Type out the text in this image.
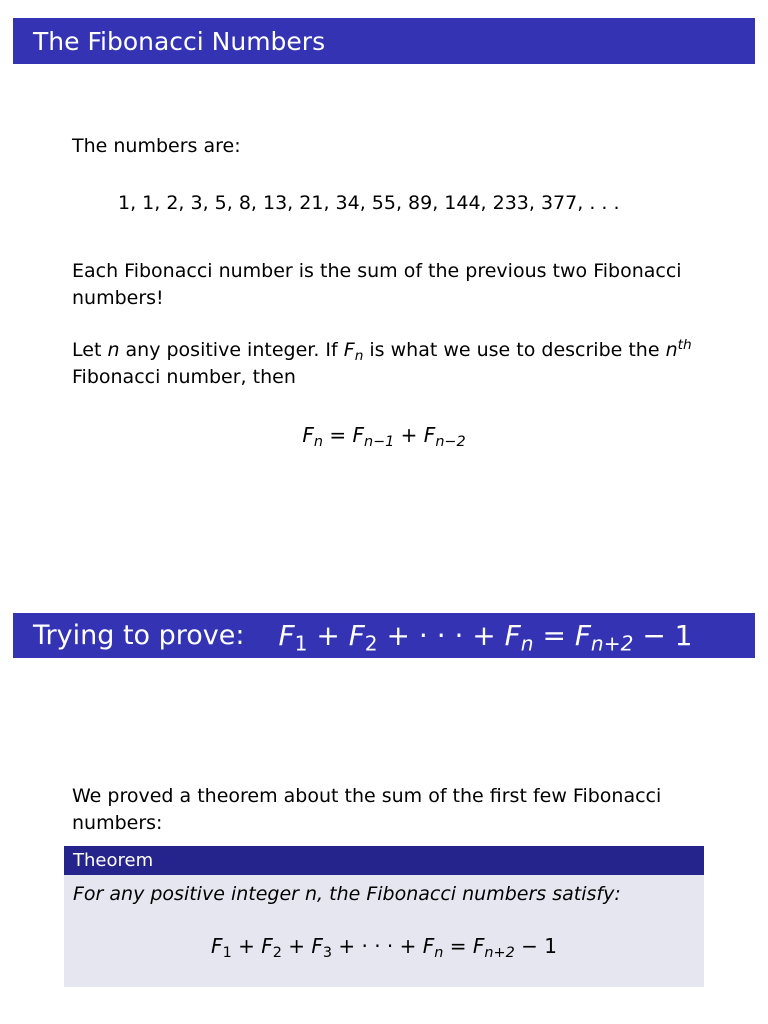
The Fibonacci Numbers
The numbers are:
1, 1, 2, 3, 5, 8, 13, 21, 34, 55, 89, 144, 233, 377, . . .
Each Fibonacci number is the sum of the previous two Fibonacci numbers!
Let n any positive integer. If $F_n$ is what we use to describe the $n^{th}$ Fibonacci number, then
$F_n = F_{n-1} + F_{n-2}$
Trying to prove: $F_1 + F_2$ + · · · + $F_n = F_{n+2} - 1$
We proved a theorem about the sum of the first few Fibonacci numbers:
Theorem
For any positive integer n, the Fibonacci numbers satisfy:
$F_1 + F_2 + F_3$ + · · · + $F_n = F_{n+2} - 1$
